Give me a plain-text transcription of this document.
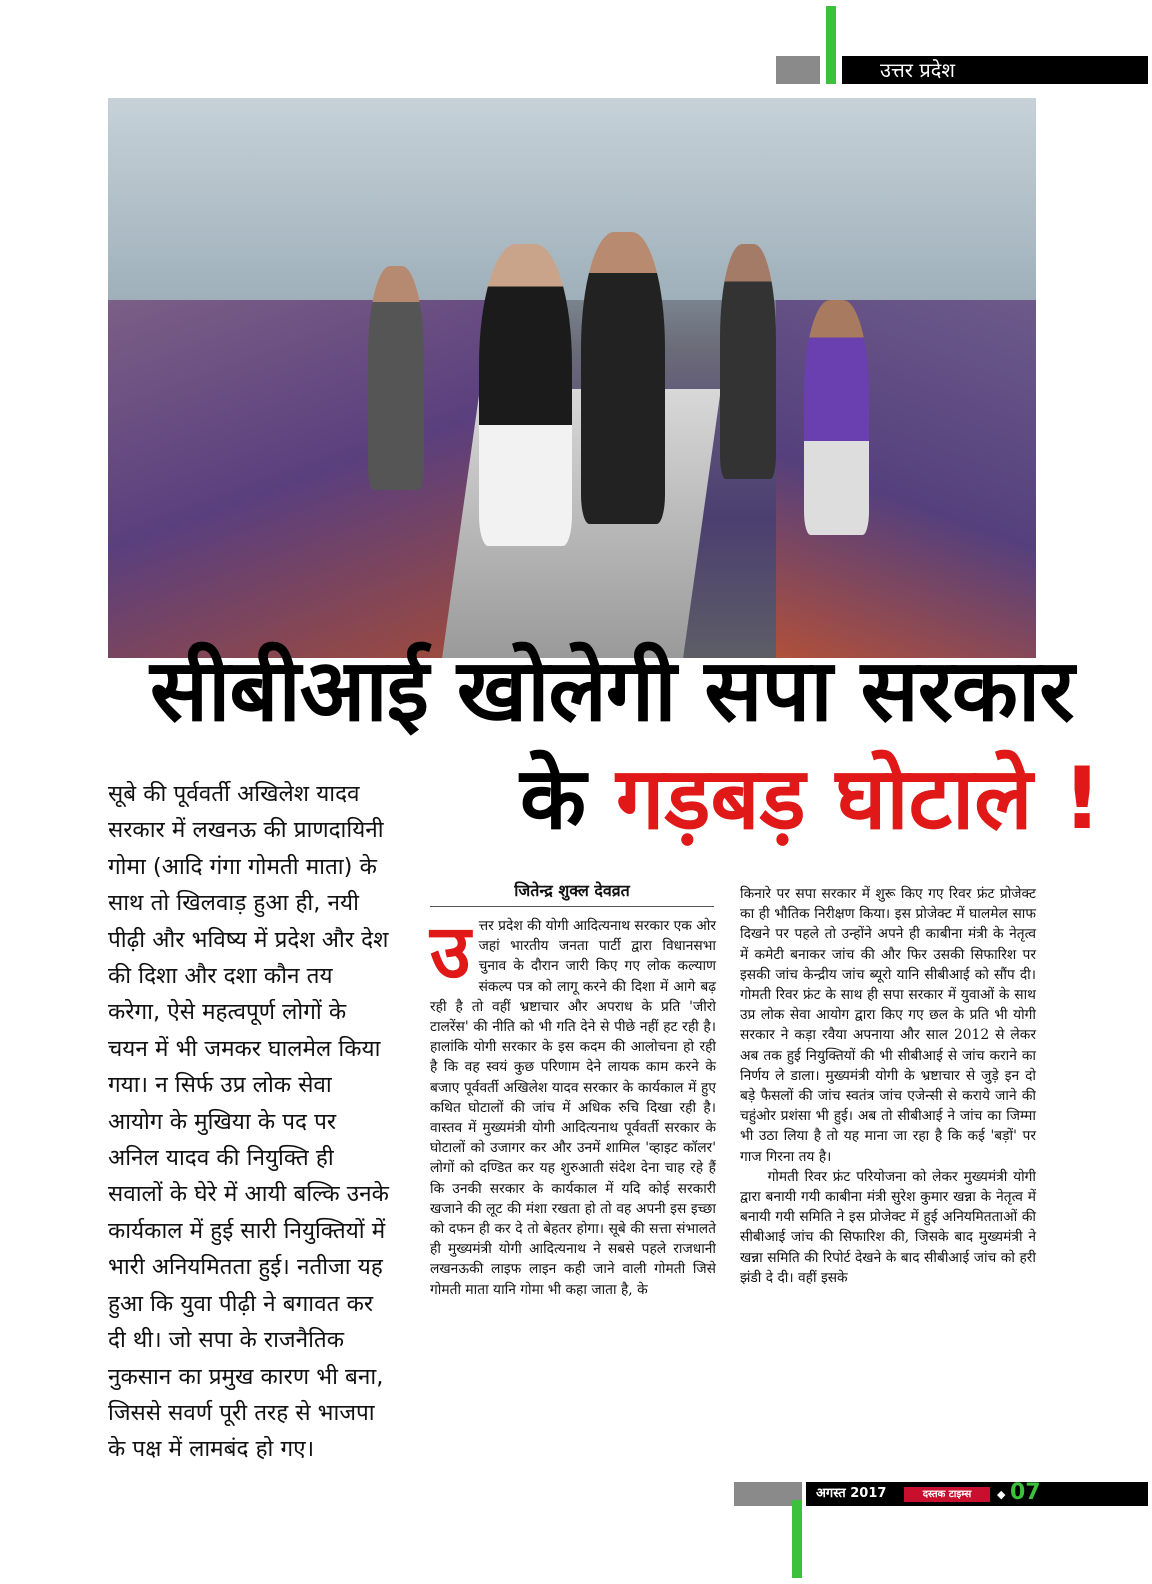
उत्तर प्रदेश
सीबीआई खोलेगी सपा सरकार
के गड़बड़ घोटाले !
सूबे की पूर्ववर्ती अखिलेश यादव सरकार में लखनऊ की प्राणदायिनी गोमा (आदि गंगा गोमती माता) के साथ तो खिलवाड़ हुआ ही, नयी पीढ़ी और भविष्य में प्रदेश और देश की दिशा और दशा कौन तय करेगा, ऐसे महत्वपूर्ण लोगों के चयन में भी जमकर घालमेल किया गया। न सिर्फ उप्र लोक सेवा आयोग के मुखिया के पद पर अनिल यादव की नियुक्ति ही सवालों के घेरे में आयी बल्कि उनके कार्यकाल में हुई सारी नियुक्तियों में भारी अनियमितता हुई। नतीजा यह हुआ कि युवा पीढ़ी ने बगावत कर दी थी। जो सपा के राजनैतिक नुकसान का प्रमुख कारण भी बना, जिससे सवर्ण पूरी तरह से भाजपा के पक्ष में लामबंद हो गए।
जितेन्द्र शुक्ल देवव्रत
उत्तर प्रदेश की योगी आदित्यनाथ सरकार एक ओर जहां भारतीय जनता पार्टी द्वारा विधानसभा चुनाव के दौरान जारी किए गए लोक कल्याण संकल्प पत्र को लागू करने की दिशा में आगे बढ़ रही है तो वहीं भ्रष्टाचार और अपराध के प्रति 'जीरो टालरेंस' की नीति को भी गति देने से पीछे नहीं हट रही है। हालांकि योगी सरकार के इस कदम की आलोचना हो रही है कि वह स्वयं कुछ परिणाम देने लायक काम करने के बजाए पूर्ववर्ती अखिलेश यादव सरकार के कार्यकाल में हुए कथित घोटालों की जांच में अधिक रुचि दिखा रही है। वास्तव में मुख्यमंत्री योगी आदित्यनाथ पूर्ववर्ती सरकार के घोटालों को उजागर कर और उनमें शामिल 'व्हाइट कॉलर' लोगों को दण्डित कर यह शुरुआती संदेश देना चाह रहे हैं कि उनकी सरकार के कार्यकाल में यदि कोई सरकारी खजाने की लूट की मंशा रखता हो तो वह अपनी इस इच्छा को दफन ही कर दे तो बेहतर होगा। सूबे की सत्ता संभालते ही मुख्यमंत्री योगी आदित्यनाथ ने सबसे पहले राजधानी लखनऊकी लाइफ लाइन कही जाने वाली गोमती जिसे गोमती माता यानि गोमा भी कहा जाता है, के

किनारे पर सपा सरकार में शुरू किए गए रिवर फ्रंट प्रोजेक्ट का ही भौतिक निरीक्षण किया। इस प्रोजेक्ट में घालमेल साफ दिखने पर पहले तो उन्होंने अपने ही काबीना मंत्री के नेतृत्व में कमेटी बनाकर जांच की और फिर उसकी सिफारिश पर इसकी जांच केन्द्रीय जांच ब्यूरो यानि सीबीआई को सौंप दी। गोमती रिवर फ्रंट के साथ ही सपा सरकार में युवाओं के साथ उप्र लोक सेवा आयोग द्वारा किए गए छल के प्रति भी योगी सरकार ने कड़ा रवैया अपनाया और साल 2012 से लेकर अब तक हुई नियुक्तियों की भी सीबीआई से जांच कराने का निर्णय ले डाला। मुख्यमंत्री योगी के भ्रष्टाचार से जुड़े इन दो बड़े फैसलों की जांच स्वतंत्र जांच एजेन्सी से कराये जाने की चहुंओर प्रशंसा भी हुई। अब तो सीबीआई ने जांच का जिम्मा भी उठा लिया है तो यह माना जा रहा है कि कई 'बड़ों' पर गाज गिरना तय है।

गोमती रिवर फ्रंट परियोजना को लेकर मुख्यमंत्री योगी द्वारा बनायी गयी काबीना मंत्री सुरेश कुमार खन्ना के नेतृत्व में बनायी गयी समिति ने इस प्रोजेक्ट में हुई अनियमितताओं की सीबीआई जांच की सिफारिश की, जिसके बाद मुख्यमंत्री ने खन्ना समिति की रिपोर्ट देखने के बाद सीबीआई जांच को हरी झंडी दे दी। वहीं इसके

अगस्त 2017	दस्तक टाइम्स	◆ 07
